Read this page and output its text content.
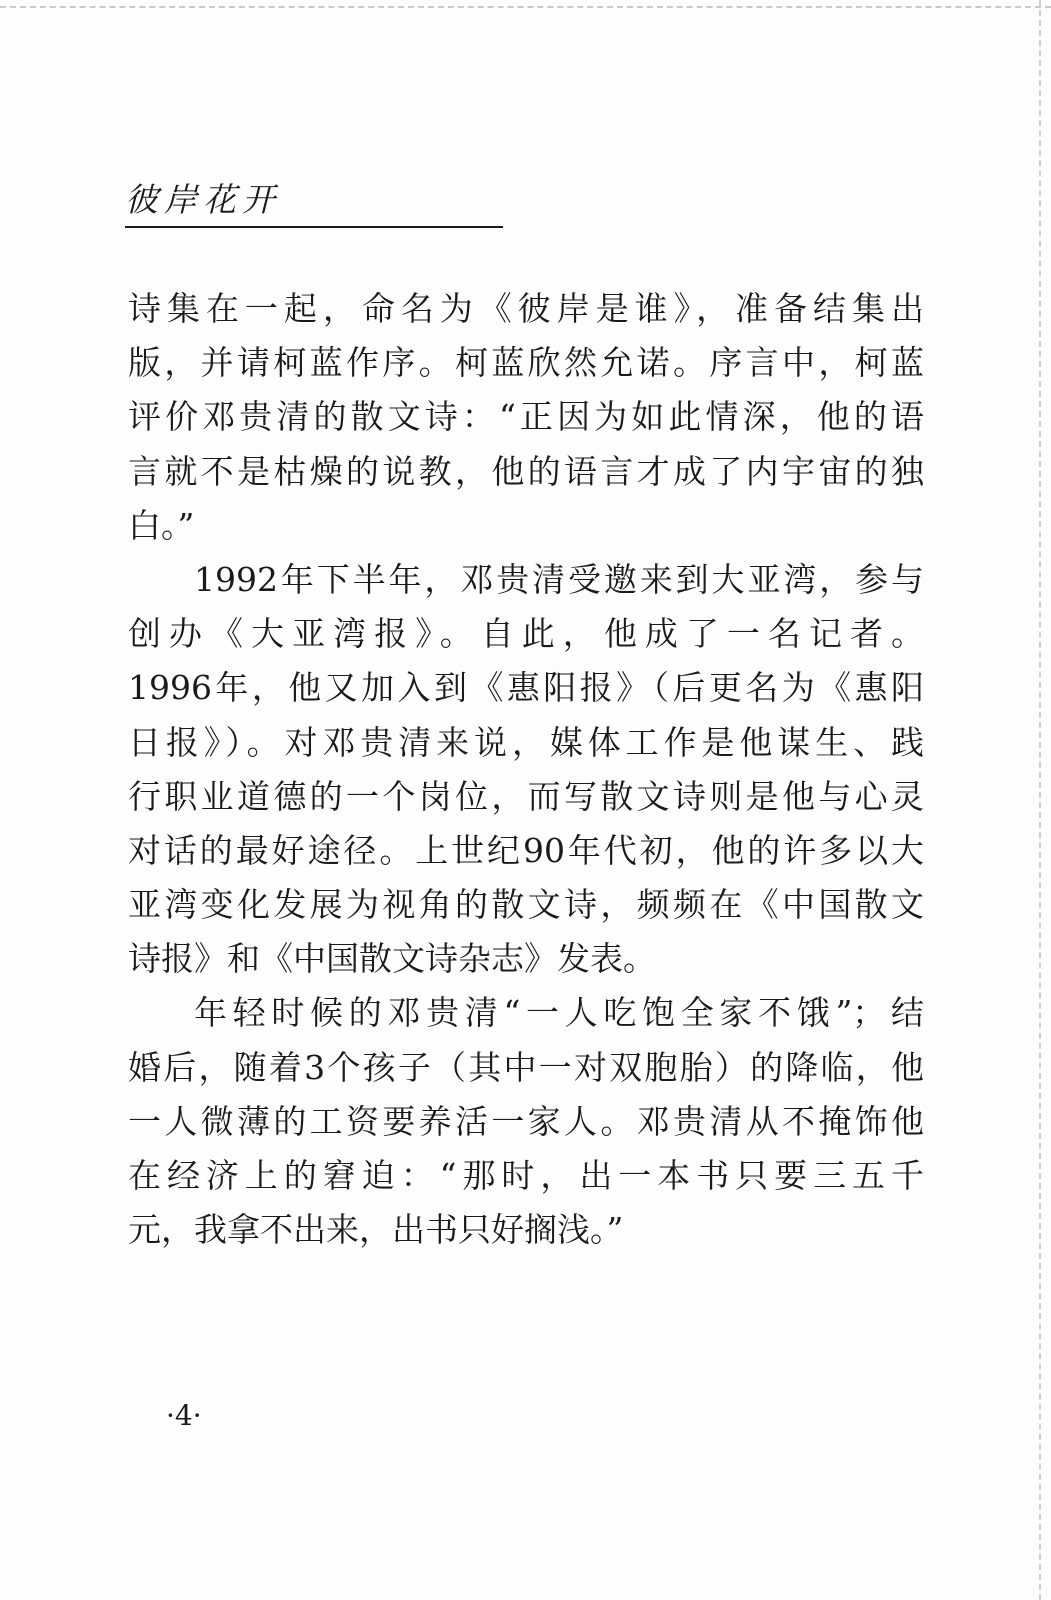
彼岸花开
诗集在一起，命名为《彼岸是谁》，准备结集出
版，并请柯蓝作序。柯蓝欣然允诺。序言中，柯蓝
评价邓贵清的散文诗：“正因为如此情深，他的语
言就不是枯燥的说教，他的语言才成了内宇宙的独
白。”
1992年下半年，邓贵清受邀来到大亚湾，参与
创办《大亚湾报》。自此，他成了一名记者。
1996年，他又加入到《惠阳报》（后更名为《惠阳
日报》）。对邓贵清来说，媒体工作是他谋生、践
行职业道德的一个岗位，而写散文诗则是他与心灵
对话的最好途径。上世纪90年代初，他的许多以大
亚湾变化发展为视角的散文诗，频频在《中国散文
诗报》和《中国散文诗杂志》发表。
年轻时候的邓贵清“一人吃饱全家不饿”；结
婚后，随着3个孩子（其中一对双胞胎）的降临，他
一人微薄的工资要养活一家人。邓贵清从不掩饰他
在经济上的窘迫：“那时，出一本书只要三五千
元，我拿不出来，出书只好搁浅。”
·4·
